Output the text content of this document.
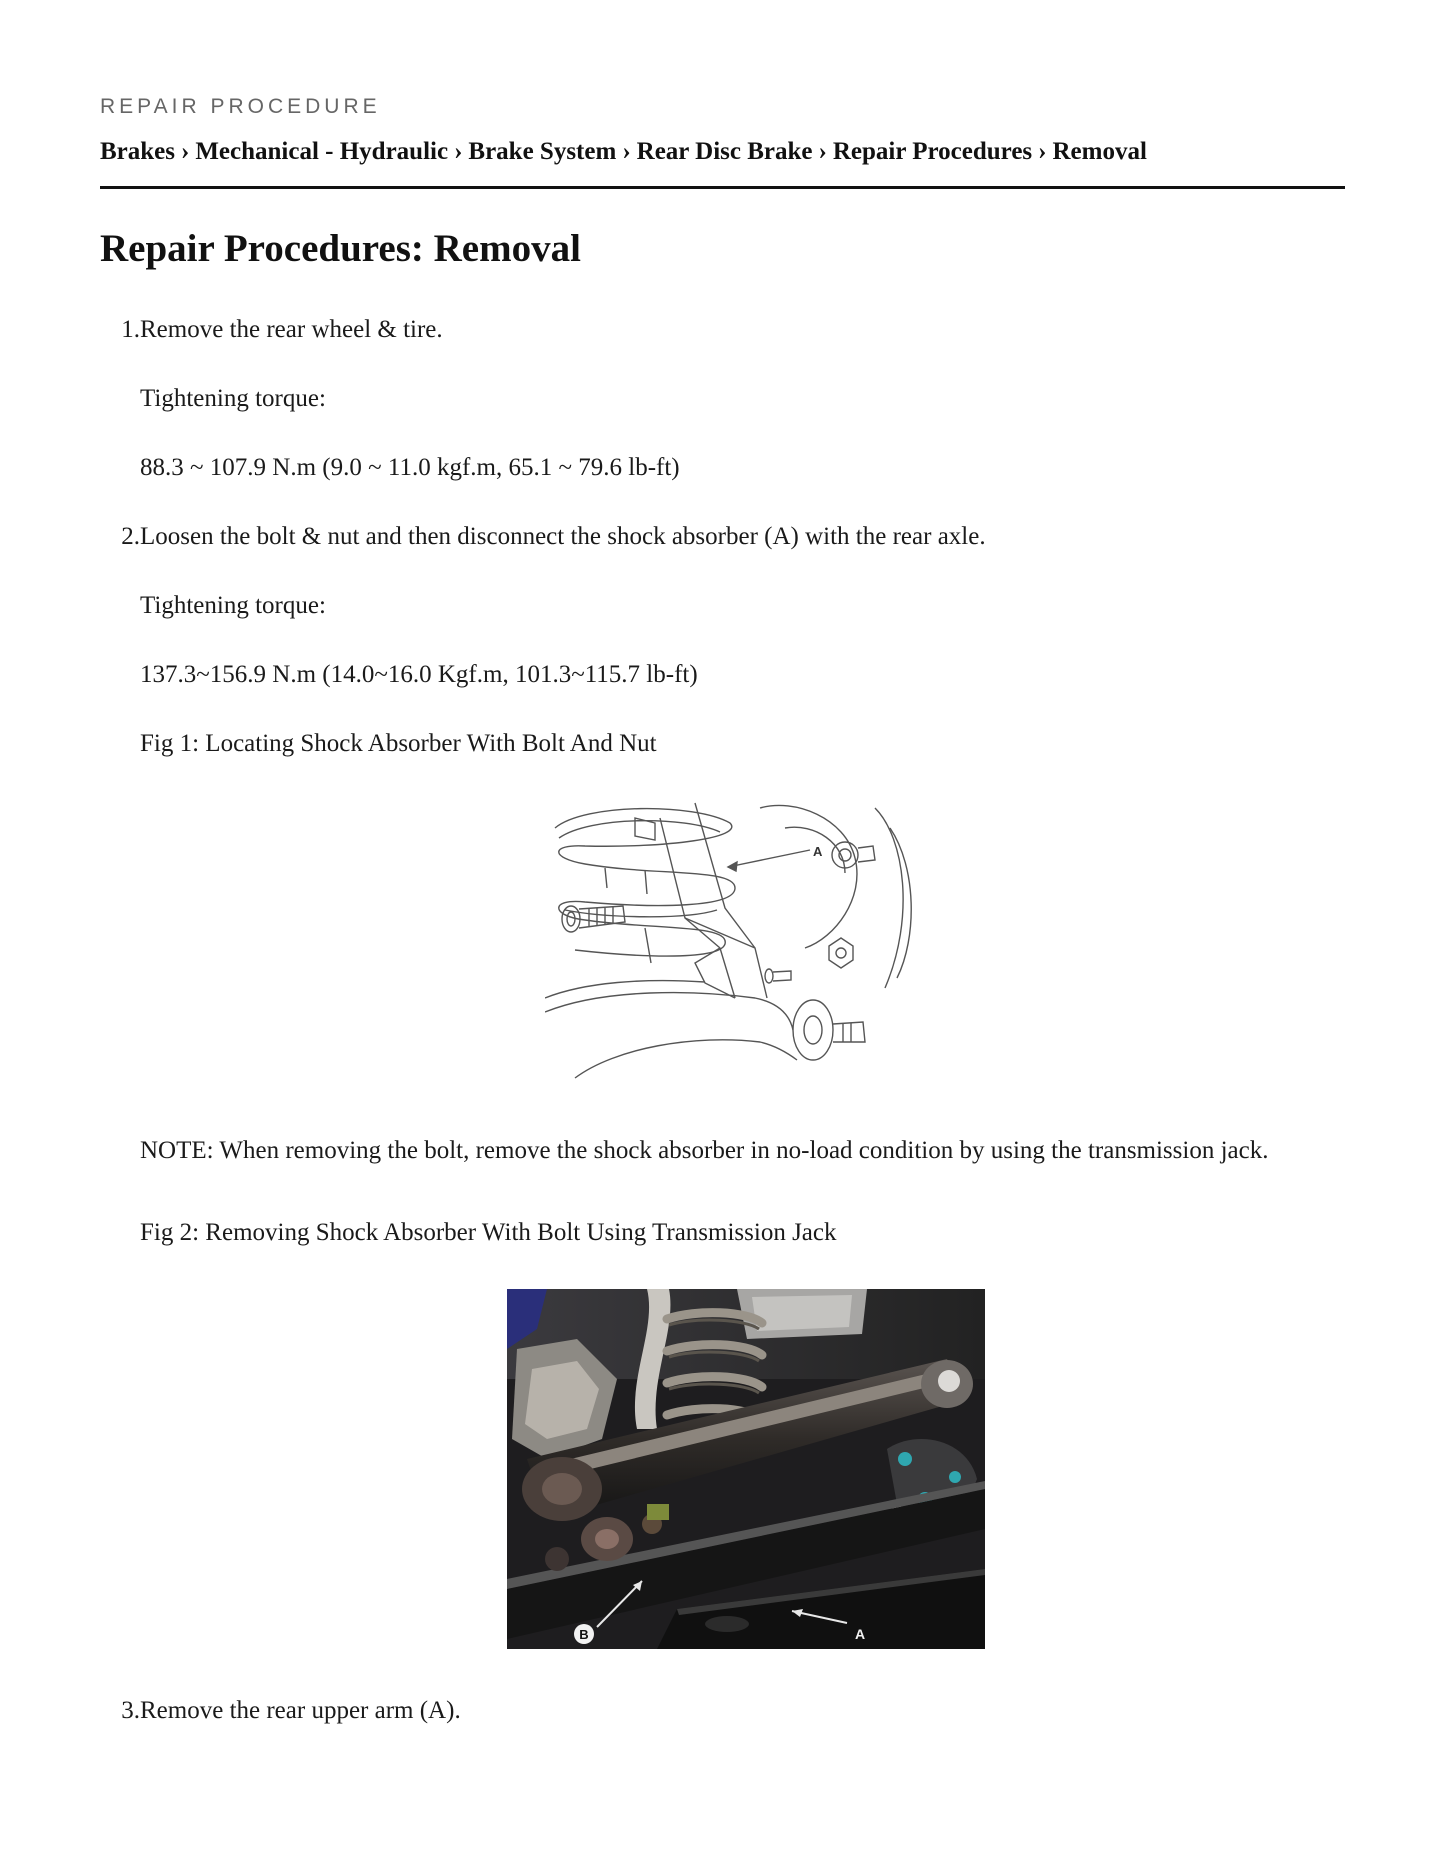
REPAIR PROCEDURE
Brakes › Mechanical - Hydraulic › Brake System › Rear Disc Brake › Repair Procedures › Removal
Repair Procedures: Removal
1. Remove the rear wheel & tire.
Tightening torque:
88.3 ~ 107.9 N.m (9.0 ~ 11.0 kgf.m, 65.1 ~ 79.6 lb-ft)
2. Loosen the bolt & nut and then disconnect the shock absorber (A) with the rear axle.
Tightening torque:
137.3~156.9 N.m (14.0~16.0 Kgf.m, 101.3~115.7 lb-ft)
Fig 1: Locating Shock Absorber With Bolt And Nut
A
NOTE: When removing the bolt, remove the shock absorber in no-load condition by using the transmission jack.
Fig 2: Removing Shock Absorber With Bolt Using Transmission Jack
B	A
3. Remove the rear upper arm (A).
